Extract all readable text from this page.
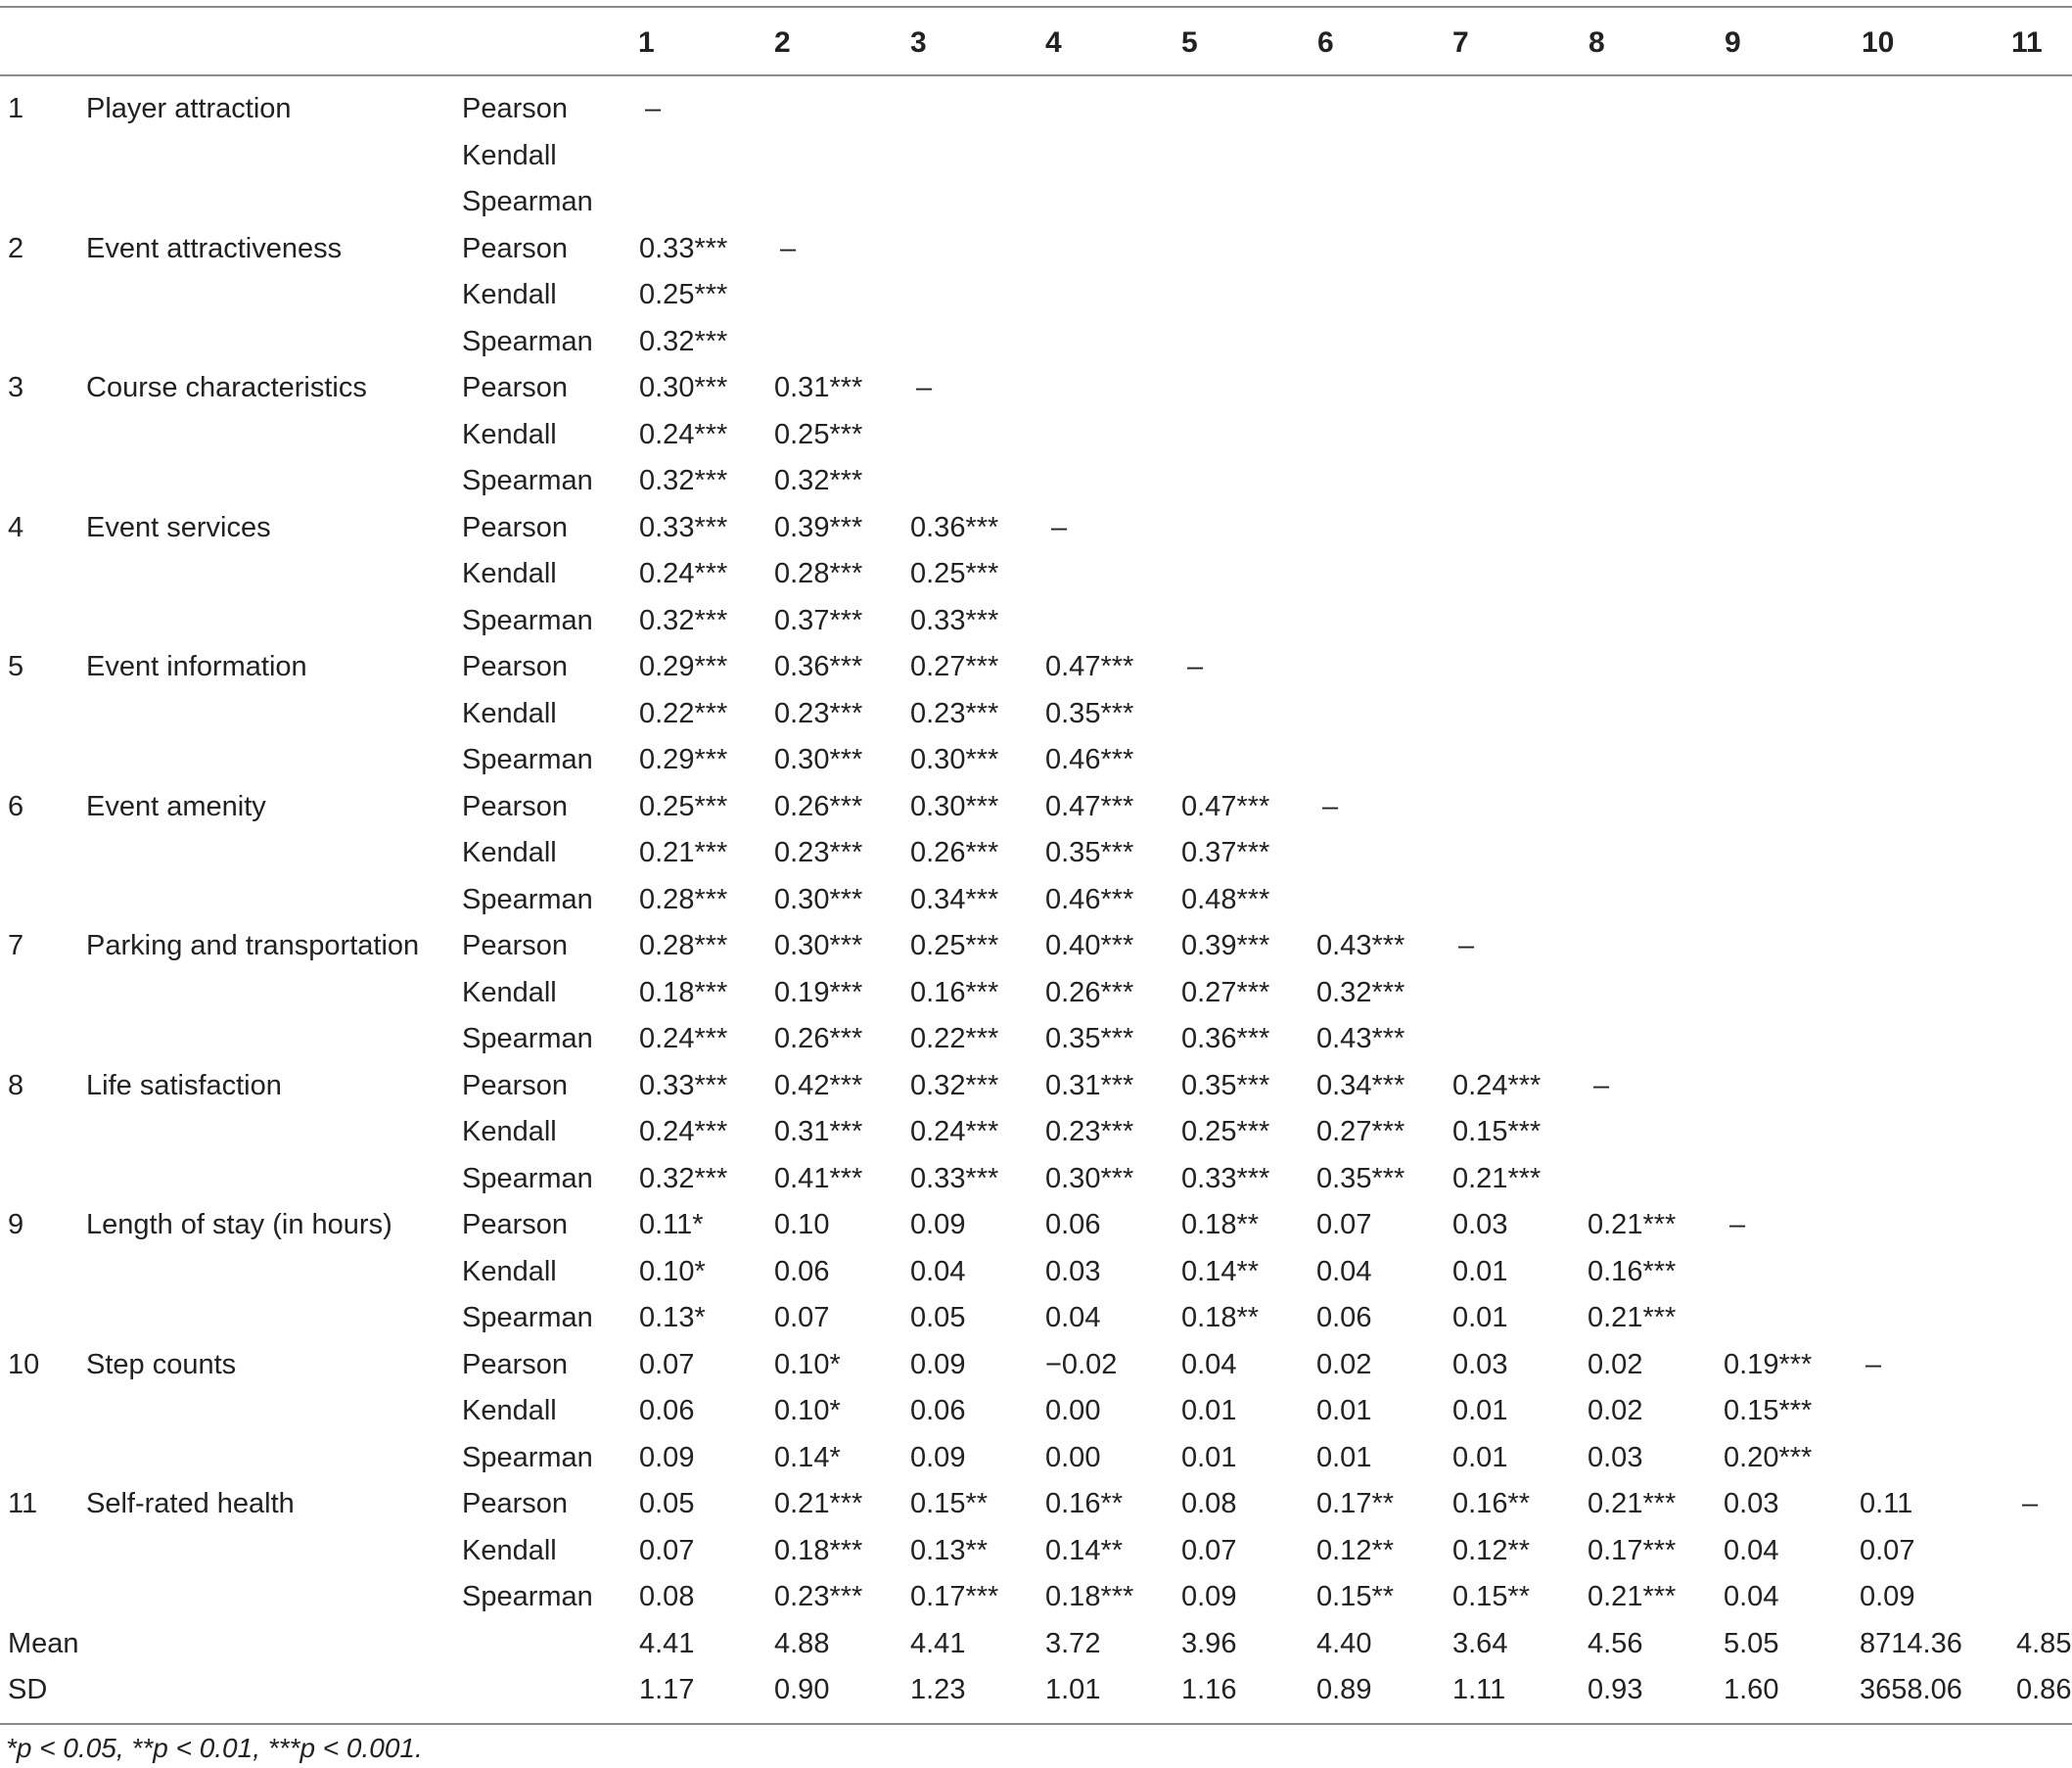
1	2	3	4	5	6	7	8	9	10	11
1 Player attraction	Pearson	–
Kendall
Spearman
2 Event attractiveness	Pearson	0.33*** –
Kendall	0.25***
Spearman 0.32***
3 Course characteristics	Pearson	0.30*** 0.31*** –
Kendall	0.24*** 0.25***
Spearman 0.32*** 0.32***
4 Event services	Pearson	0.33*** 0.39*** 0.36*** –
Kendall	0.24*** 0.28*** 0.25***
Spearman 0.32*** 0.37*** 0.33***
5 Event information	Pearson	0.29*** 0.36*** 0.27*** 0.47*** –
Kendall	0.22*** 0.23*** 0.23*** 0.35***
Spearman 0.29*** 0.30*** 0.30*** 0.46***
6 Event amenity	Pearson	0.25*** 0.26*** 0.30*** 0.47*** 0.47*** –
Kendall	0.21*** 0.23*** 0.26*** 0.35*** 0.37***
Spearman 0.28*** 0.30*** 0.34*** 0.46*** 0.48***
7 Parking and transportation Pearson	0.28*** 0.30*** 0.25*** 0.40*** 0.39*** 0.43*** –
Kendall	0.18*** 0.19*** 0.16*** 0.26*** 0.27*** 0.32***
Spearman 0.24*** 0.26*** 0.22*** 0.35*** 0.36*** 0.43***
8 Life satisfaction	Pearson	0.33*** 0.42*** 0.32*** 0.31*** 0.35*** 0.34*** 0.24*** –
Kendall	0.24*** 0.31*** 0.24*** 0.23*** 0.25*** 0.27*** 0.15***
Spearman 0.32*** 0.41*** 0.33*** 0.30*** 0.33*** 0.35*** 0.21***
9 Length of stay (in hours) Pearson	0.11* 0.10	0.09	0.06	0.18** 0.07	0.03	0.21*** –
Kendall	0.10* 0.06	0.04	0.03	0.14** 0.04	0.01	0.16***
Spearman 0.13* 0.07	0.05	0.04	0.18** 0.06	0.01	0.21***
10 Step counts	Pearson	0.07	0.10* 0.09	−0.02 0.04	0.02	0.03	0.02	0.19*** –
Kendall	0.06	0.10* 0.06	0.00	0.01	0.01	0.01	0.02	0.15***
Spearman 0.09	0.14* 0.09	0.00	0.01	0.01	0.01	0.03	0.20***
11 Self-rated health	Pearson	0.05	0.21*** 0.15** 0.16** 0.08	0.17** 0.16** 0.21*** 0.03	0.11	–
Kendall	0.07	0.18*** 0.13** 0.14** 0.07	0.12** 0.12** 0.17*** 0.04	0.07
Spearman 0.08	0.23*** 0.17*** 0.18*** 0.09	0.15** 0.15** 0.21*** 0.04	0.09
Mean	4.41	4.88	4.41	3.72	3.96	4.40	3.64	4.56	5.05	8714.36 4.85
SD	1.17	0.90	1.23	1.01	1.16	0.89	1.11	0.93	1.60	3658.06 0.86
*p < 0.05, **p < 0.01, ***p < 0.001.
